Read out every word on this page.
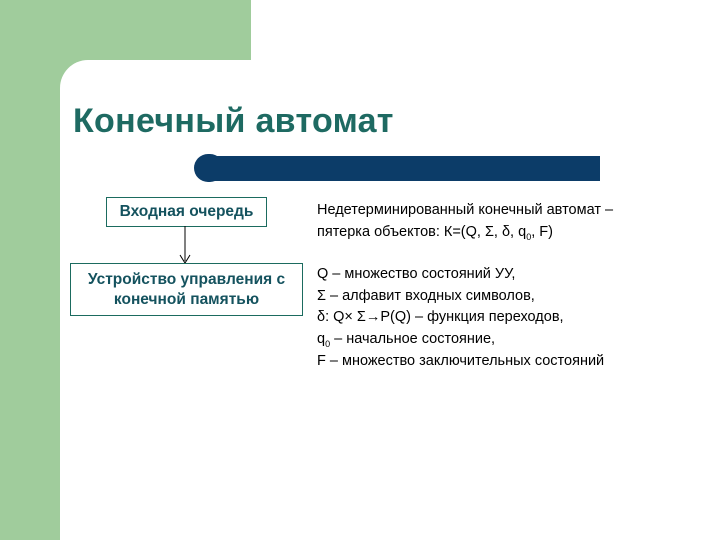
Конечный автомат
Входная очередь
Устройство управления с
конечной памятью
Недетерминированный конечный автомат –
пятерка объектов: К=(Q, Σ, δ, $q_0$, F)
Q – множество состояний УУ,
Σ – алфавит входных символов,
δ: Q× Σ→P(Q) – функция переходов,
$q_0$ – начальное состояние,
F – множество заключительных состояний
